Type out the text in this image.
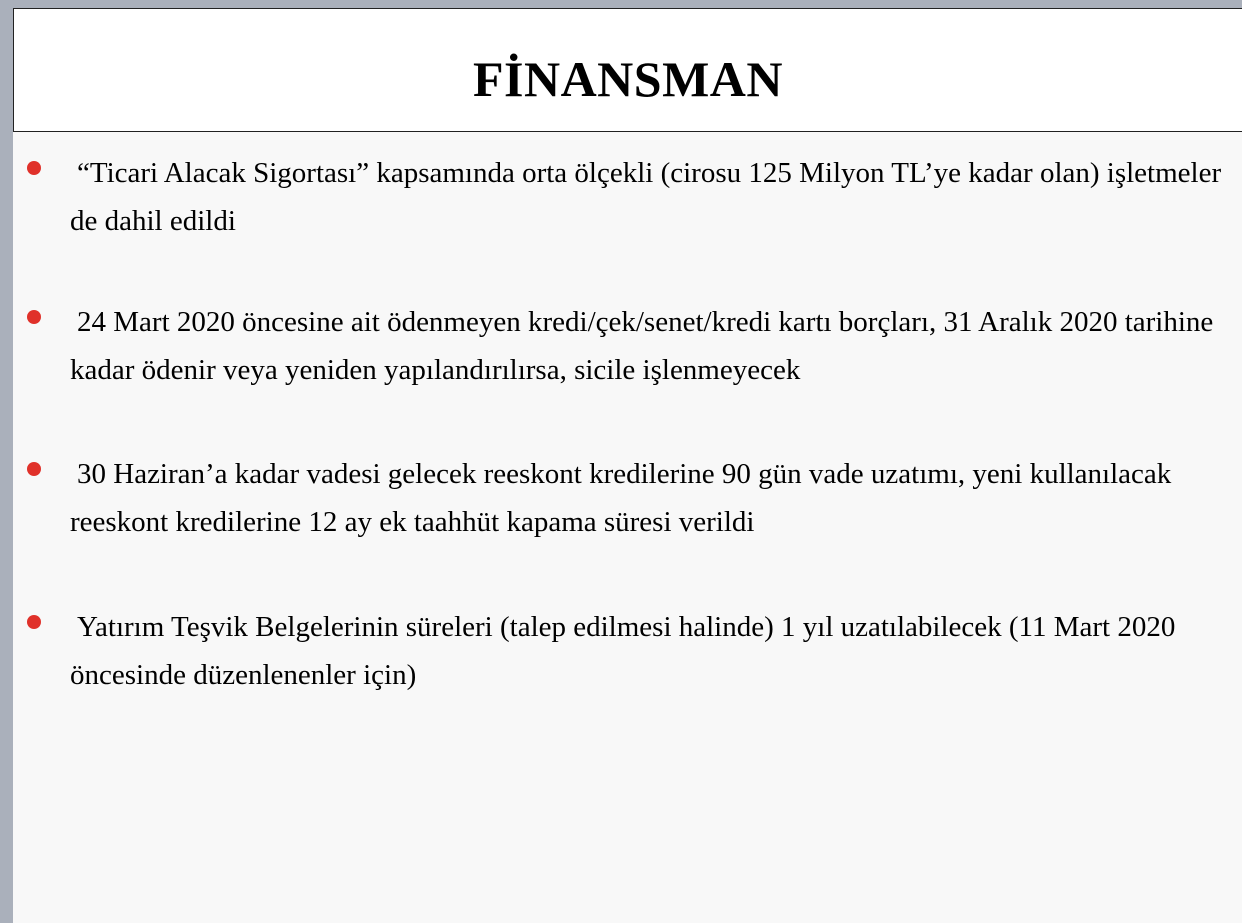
FİNANSMAN
“Ticari Alacak Sigortası” kapsamında orta ölçekli (cirosu 125 Milyon TL’ye kadar olan) işletmeler de dahil edildi
24 Mart 2020 öncesine ait ödenmeyen kredi/çek/senet/kredi kartı borçları, 31 Aralık 2020 tarihine kadar ödenir veya yeniden yapılandırılırsa, sicile işlenmeyecek
30 Haziran’a kadar vadesi gelecek reeskont kredilerine 90 gün vade uzatımı, yeni kullanılacak reeskont kredilerine 12 ay ek taahhüt kapama süresi verildi
Yatırım Teşvik Belgelerinin süreleri (talep edilmesi halinde) 1 yıl uzatılabilecek (11 Mart 2020 öncesinde düzenlenenler için)
